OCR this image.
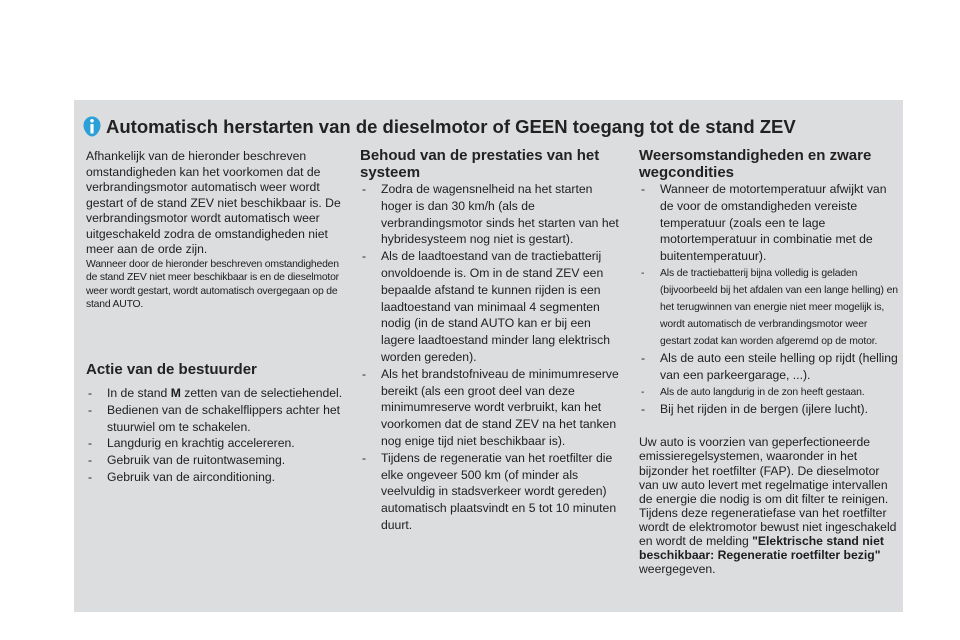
Automatisch herstarten van de dieselmotor of GEEN toegang tot de stand ZEV
Afhankelijk van de hieronder beschreven omstandigheden kan het voorkomen dat de verbrandingsmotor automatisch weer wordt gestart of de stand ZEV niet beschikbaar is. De verbrandingsmotor wordt automatisch weer uitgeschakeld zodra de omstandigheden niet meer aan de orde zijn.
Wanneer door de hieronder beschreven omstandigheden de stand ZEV niet meer beschikbaar is en de dieselmotor weer wordt gestart, wordt automatisch overgegaan op de stand AUTO.
Actie van de bestuurder
- In de stand M zetten van de selectiehendel.
- Bedienen van de schakelflippers achter het stuurwiel om te schakelen.
- Langdurig en krachtig accelereren.
- Gebruik van de ruitontwaseming.
- Gebruik van de airconditioning.
Behoud van de prestaties van het systeem
- Zodra de wagensnelheid na het starten hoger is dan 30 km/h (als de verbrandingsmotor sinds het starten van het hybridesysteem nog niet is gestart).
- Als de laadtoestand van de tractiebatterij onvoldoende is. Om in de stand ZEV een bepaalde afstand te kunnen rijden is een laadtoestand van minimaal 4 segmenten nodig (in de stand AUTO kan er bij een lagere laadtoestand minder lang elektrisch worden gereden).
- Als het brandstofniveau de minimumreserve bereikt (als een groot deel van deze minimumreserve wordt verbruikt, kan het voorkomen dat de stand ZEV na het tanken nog enige tijd niet beschikbaar is).
- Tijdens de regeneratie van het roetfilter die elke ongeveer 500 km (of minder als veelvuldig in stadsverkeer wordt gereden) automatisch plaatsvindt en 5 tot 10 minuten duurt.
Weersomstandigheden en zware wegcondities
- Wanneer de motortemperatuur afwijkt van de voor de omstandigheden vereiste temperatuur (zoals een te lage motortemperatuur in combinatie met de buitentemperatuur).
- Als de tractiebatterij bijna volledig is geladen (bijvoorbeeld bij het afdalen van een lange helling) en het terugwinnen van energie niet meer mogelijk is, wordt automatisch de verbrandingsmotor weer gestart zodat kan worden afgeremd op de motor.
- Als de auto een steile helling op rijdt (helling van een parkeergarage, ...).
- Als de auto langdurig in de zon heeft gestaan.
- Bij het rijden in de bergen (ijlere lucht).
Uw auto is voorzien van geperfectioneerde emissieregelsystemen, waaronder in het bijzonder het roetfilter (FAP). De dieselmotor van uw auto levert met regelmatige intervallen de energie die nodig is om dit filter te reinigen. Tijdens deze regeneratiefase van het roetfilter wordt de elektromotor bewust niet ingeschakeld en wordt de melding "Elektrische stand niet beschikbaar: Regeneratie roetfilter bezig" weergegeven.
